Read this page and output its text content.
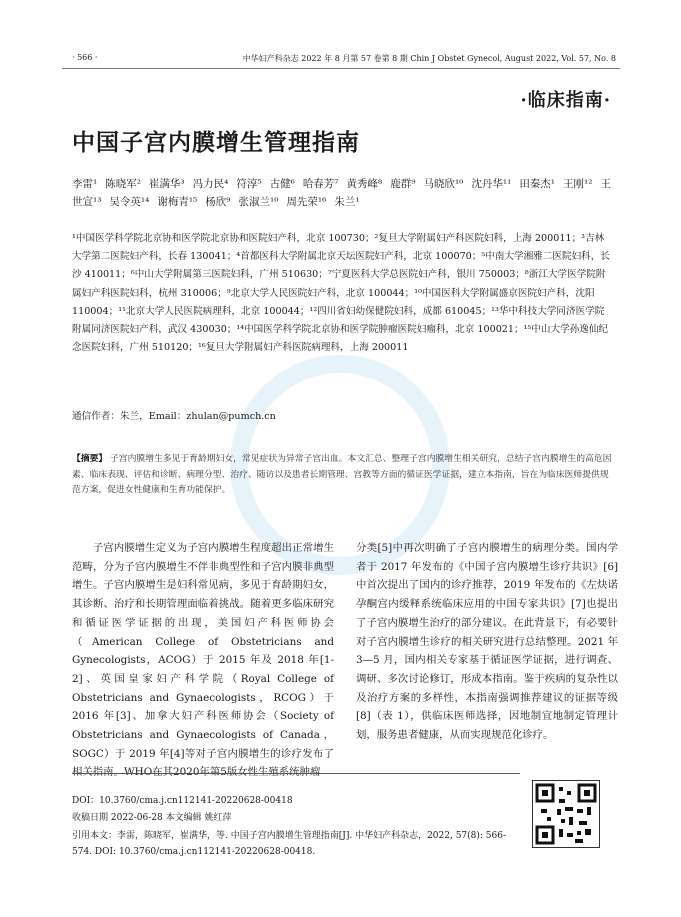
· 566 ·	中华妇产科杂志 2022 年 8 月第 57 卷第 8 期 Chin J Obstet Gynecol, August 2022, Vol. 57, No. 8
·临床指南·
中国子宫内膜增生管理指南
李雷¹ 陈晓军² 崔满华³ 冯力民⁴ 符淳⁵ 古健⁶ 哈春芳⁷ 黄秀峰⁸ 鹿群⁹ 马晓欣¹⁰ 沈丹华¹¹ 田秦杰¹ 王刚¹² 王世宣¹³ 吴令英¹⁴ 谢梅青¹⁵ 杨欣⁹ 张淑兰¹⁰ 周先荣¹⁶ 朱兰¹
¹中国医学科学院北京协和医学院北京协和医院妇产科，北京 100730；²复旦大学附属妇产科医院妇科，上海 200011；³吉林大学第二医院妇产科，长春 130041；⁴首都医科大学附属北京天坛医院妇产科，北京 100070；⁵中南大学湘雅二医院妇科，长沙 410011；⁶中山大学附属第三医院妇科，广州 510630；⁷宁夏医科大学总医院妇产科，银川 750003；⁸浙江大学医学院附属妇产科医院妇科，杭州 310006；⁹北京大学人民医院妇产科，北京 100044；¹⁰中国医科大学附属盛京医院妇产科，沈阳 110004；¹¹北京大学人民医院病理科，北京 100044；¹²四川省妇幼保健院妇科，成都 610045；¹³华中科技大学同济医学院附属同济医院妇产科，武汉 430030；¹⁴中国医学科学院北京协和医学院肿瘤医院妇瘤科，北京 100021；¹⁵中山大学孙逸仙纪念医院妇科，广州 510120；¹⁶复旦大学附属妇产科医院病理科，上海 200011
通信作者：朱兰，Email：zhulan@pumch.cn
【摘要】 子宫内膜增生多见于育龄期妇女，常见症状为异常子宫出血。本文汇总、整理子宫内膜增生相关研究，总结子宫内膜增生的高危因素、临床表现、评估和诊断、病理分型、治疗、随访以及患者长期管理、宫教等方面的循证医学证据，建立本指南，旨在为临床医师提供规范方案，促进女性健康和生育功能保护。
子宫内膜增生定义为子宫内膜增生程度超出正常增生范畴，分为子宫内膜增生不伴非典型性和子宫内膜非典型增生。子宫内膜增生是妇科常见病，多见于育龄期妇女，其诊断、治疗和长期管理面临着挑战。随着更多临床研究和循证医学证据的出现，美国妇产科医师协会（American College of Obstetricians and Gynecologists，ACOG）于 2015 年及 2018 年[1-2]、英国皇家妇产科学院（Royal College of Obstetricians and Gynaecologists，RCOG）于 2016 年[3]、加拿大妇产科医师协会（Society of Obstetricians and Gynaecologists of Canada，SOGC）于 2019 年[4]等对子宫内膜增生的诊疗发布了
分类[5]中再次明确了子宫内膜增生的病理分类。国内学者于 2017 年发布的《中国子宫内膜增生诊疗共识》[6]中首次提出了国内的诊疗推荐，2019 年发布的《左炔诺孕酮宫内缓释系统临床应用的中国专家共识》[7]也提出了子宫内膜增生治疗的部分建议。在此背景下，有必要针对子宫内膜增生诊疗的相关研究进行总结整理。2021 年 3—5 月，国内相关专家基于循证医学证据，进行调查、调研、多次讨论修订，形成本指南。鉴于疾病的复杂性以及治疗方案的多样性，本指南强调推荐建议的证据等级[8]（表 1），供临床医师选择，因地制宜地制定管理计划，服务患者健康，从而实现规范化诊疗。
DOI：10.3760/cma.j.cn112141-20220628-00418
收稿日期 2022-06-28 本文编辑 姚红萍
引用本文：李雷，陈晓军，崔满华，等. 中国子宫内膜增生管理指南[J]. 中华妇产科杂志，2022, 57(8): 566-574. DOI: 10.3760/cma.j.cn112141-20220628-00418.
